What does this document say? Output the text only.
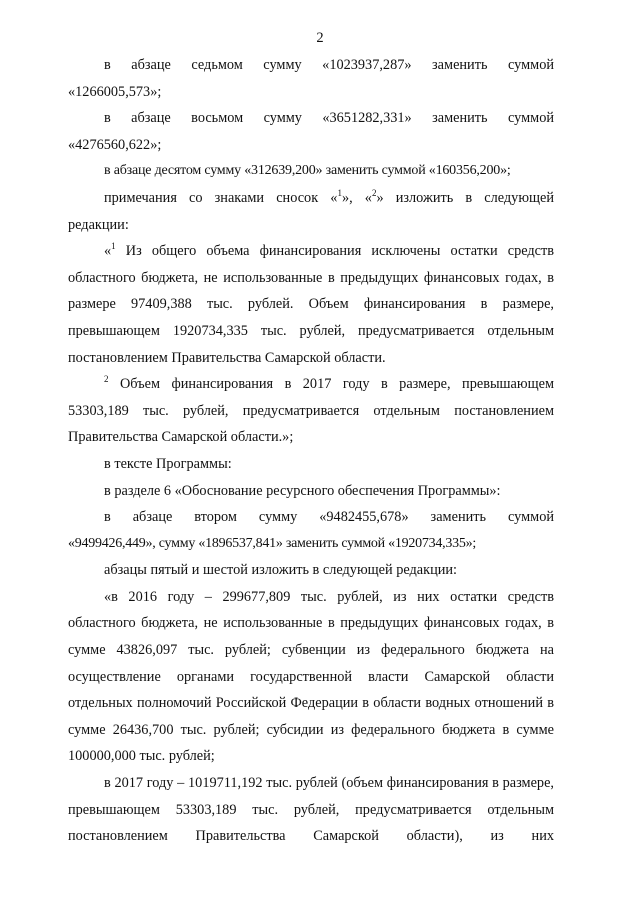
2

в абзаце седьмом сумму «1023937,287» заменить суммой

«1266005,573»;

в абзаце восьмом сумму «3651282,331» заменить суммой

«4276560,622»;

в абзаце десятом сумму «312639,200» заменить суммой «160356,200»;

примечания со знаками сносок «$^1$», «$^2$» изложить в следующей

редакции:

«$^1$ Из общего объема финансирования исключены остатки средств областного бюджета, не использованные в предыдущих финансовых годах, в размере 97409,388 тыс. рублей. Объем финансирования в размере, превышающем 1920734,335 тыс. рублей, предусматривается отдельным постановлением Правительства Самарской области.

$^2$ Объем финансирования в 2017 году в размере, превышающем 53303,189 тыс. рублей, предусматривается отдельным постановлением Правительства Самарской области.»;

в тексте Программы:

в разделе 6 «Обоснование ресурсного обеспечения Программы»:

в абзаце втором сумму «9482455,678» заменить суммой

«9499426,449», сумму «1896537,841» заменить суммой «1920734,335»;

абзацы пятый и шестой изложить в следующей редакции:

«в 2016 году – 299677,809 тыс. рублей, из них остатки средств областного бюджета, не использованные в предыдущих финансовых годах, в сумме 43826,097 тыс. рублей; субвенции из федерального бюджета на осуществление органами государственной власти Самарской области отдельных полномочий Российской Федерации в области водных отношений в сумме 26436,700 тыс. рублей; субсидии из федерального бюджета в сумме 100000,000 тыс. рублей;

в 2017 году – 1019711,192 тыс. рублей (объем финансирования в размере, превышающем 53303,189 тыс. рублей, предусматривается отдельным постановлением Правительства Самарской области), из них
